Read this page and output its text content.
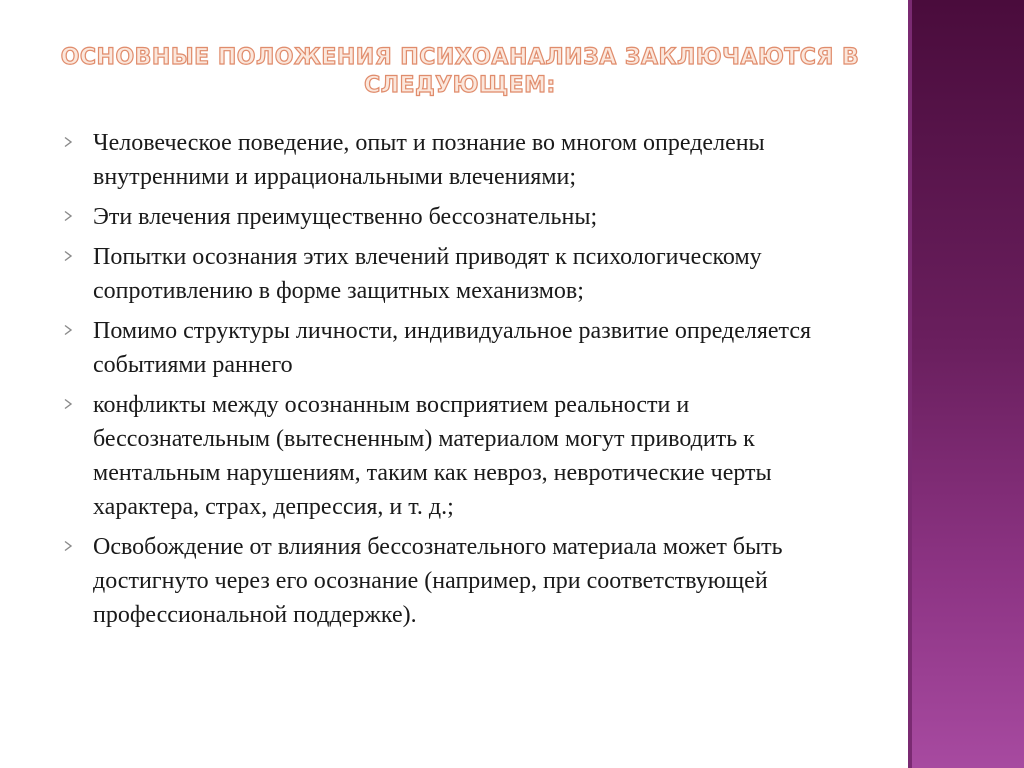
ОСНОВНЫЕ ПОЛОЖЕНИЯ ПСИХОАНАЛИЗА ЗАКЛЮЧАЮТСЯ В СЛЕДУЮЩЕМ:
Человеческое поведение, опыт и познание во многом определены внутренними и иррациональными влечениями;
Эти влечения преимущественно бессознательны;
Попытки осознания этих влечений приводят к психологическому сопротивлению в форме защитных механизмов;
Помимо структуры личности, индивидуальное развитие определяется событиями раннего
конфликты между осознанным восприятием реальности и бессознательным (вытесненным) материалом могут приводить к ментальным нарушениям, таким как невроз, невротические черты характера, страх, депрессия, и т. д.;
Освобождение от влияния бессознательного материала может быть достигнуто через его осознание (например, при соответствующей профессиональной поддержке).
